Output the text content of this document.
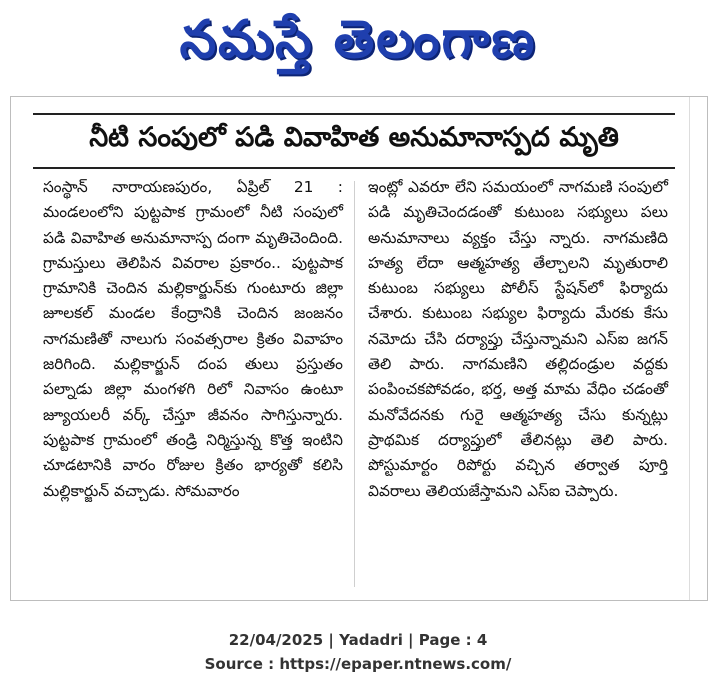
నమస్తే తెలంగాణ
నీటి సంపులో పడి వివాహిత అనుమానాస్పద మృతి

సంస్థాన్ నారాయణపురం, ఏప్రిల్ 21 : మండలంలోని పుట్టపాక గ్రామంలో నీటి సంపులో పడి వివాహిత అనుమానాస్ప దంగా మృతిచెందింది. గ్రామస్తులు తెలిపిన వివరాల ప్రకారం.. పుట్టపాక గ్రామానికి చెందిన మల్లికార్జున్‌కు గుంటూరు జిల్లా జూలకల్ మండల కేంద్రానికి చెందిన జంజనం నాగమణితో నాలుగు సంవత్సరాల క్రితం వివాహం జరిగింది. మల్లికార్జున్ దంప తులు ప్రస్తుతం పల్నాడు జిల్లా మంగళగి రిలో నివాసం ఉంటూ జ్యూయలరీ వర్క్ చేస్తూ జీవనం సాగిస్తున్నారు. పుట్టపాక గ్రామంలో తండ్రి నిర్మిస్తున్న కొత్త ఇంటిని చూడటానికి వారం రోజుల క్రితం భార్యతో కలిసి మల్లికార్జున్ వచ్చాడు. సోమవారం

ఇంట్లో ఎవరూ లేని సమయంలో నాగమణి సంపులో పడి మృతిచెందడంతో కుటుంబ సభ్యులు పలు అనుమానాలు వ్యక్తం చేస్తు న్నారు. నాగమణిది హత్య లేదా ఆత్మహత్య తేల్చాలని మృతురాలి కుటుంబ సభ్యులు పోలీస్ స్టేషన్‌లో ఫిర్యాదు చేశారు. కుటుంబ సభ్యుల ఫిర్యాదు మేరకు కేసు నమోదు చేసి దర్యాప్తు చేస్తున్నామని ఎస్ఐ జగన్ తెలి పారు. నాగమణిని తల్లిదండ్రుల వద్దకు పంపించకపోవడం, భర్త, అత్త మామ వేధిం చడంతో మనోవేదనకు గురై ఆత్మహత్య చేసు కున్నట్లు ప్రాథమిక దర్యాప్తులో తేలినట్లు తెలి పారు. పోస్టుమార్టం రిపోర్టు వచ్చిన తర్వాత పూర్తి వివరాలు తెలియజేస్తామని ఎస్ఐ చెప్పారు.

22/04/2025 | Yadadri | Page : 4
Source : https://epaper.ntnews.com/
